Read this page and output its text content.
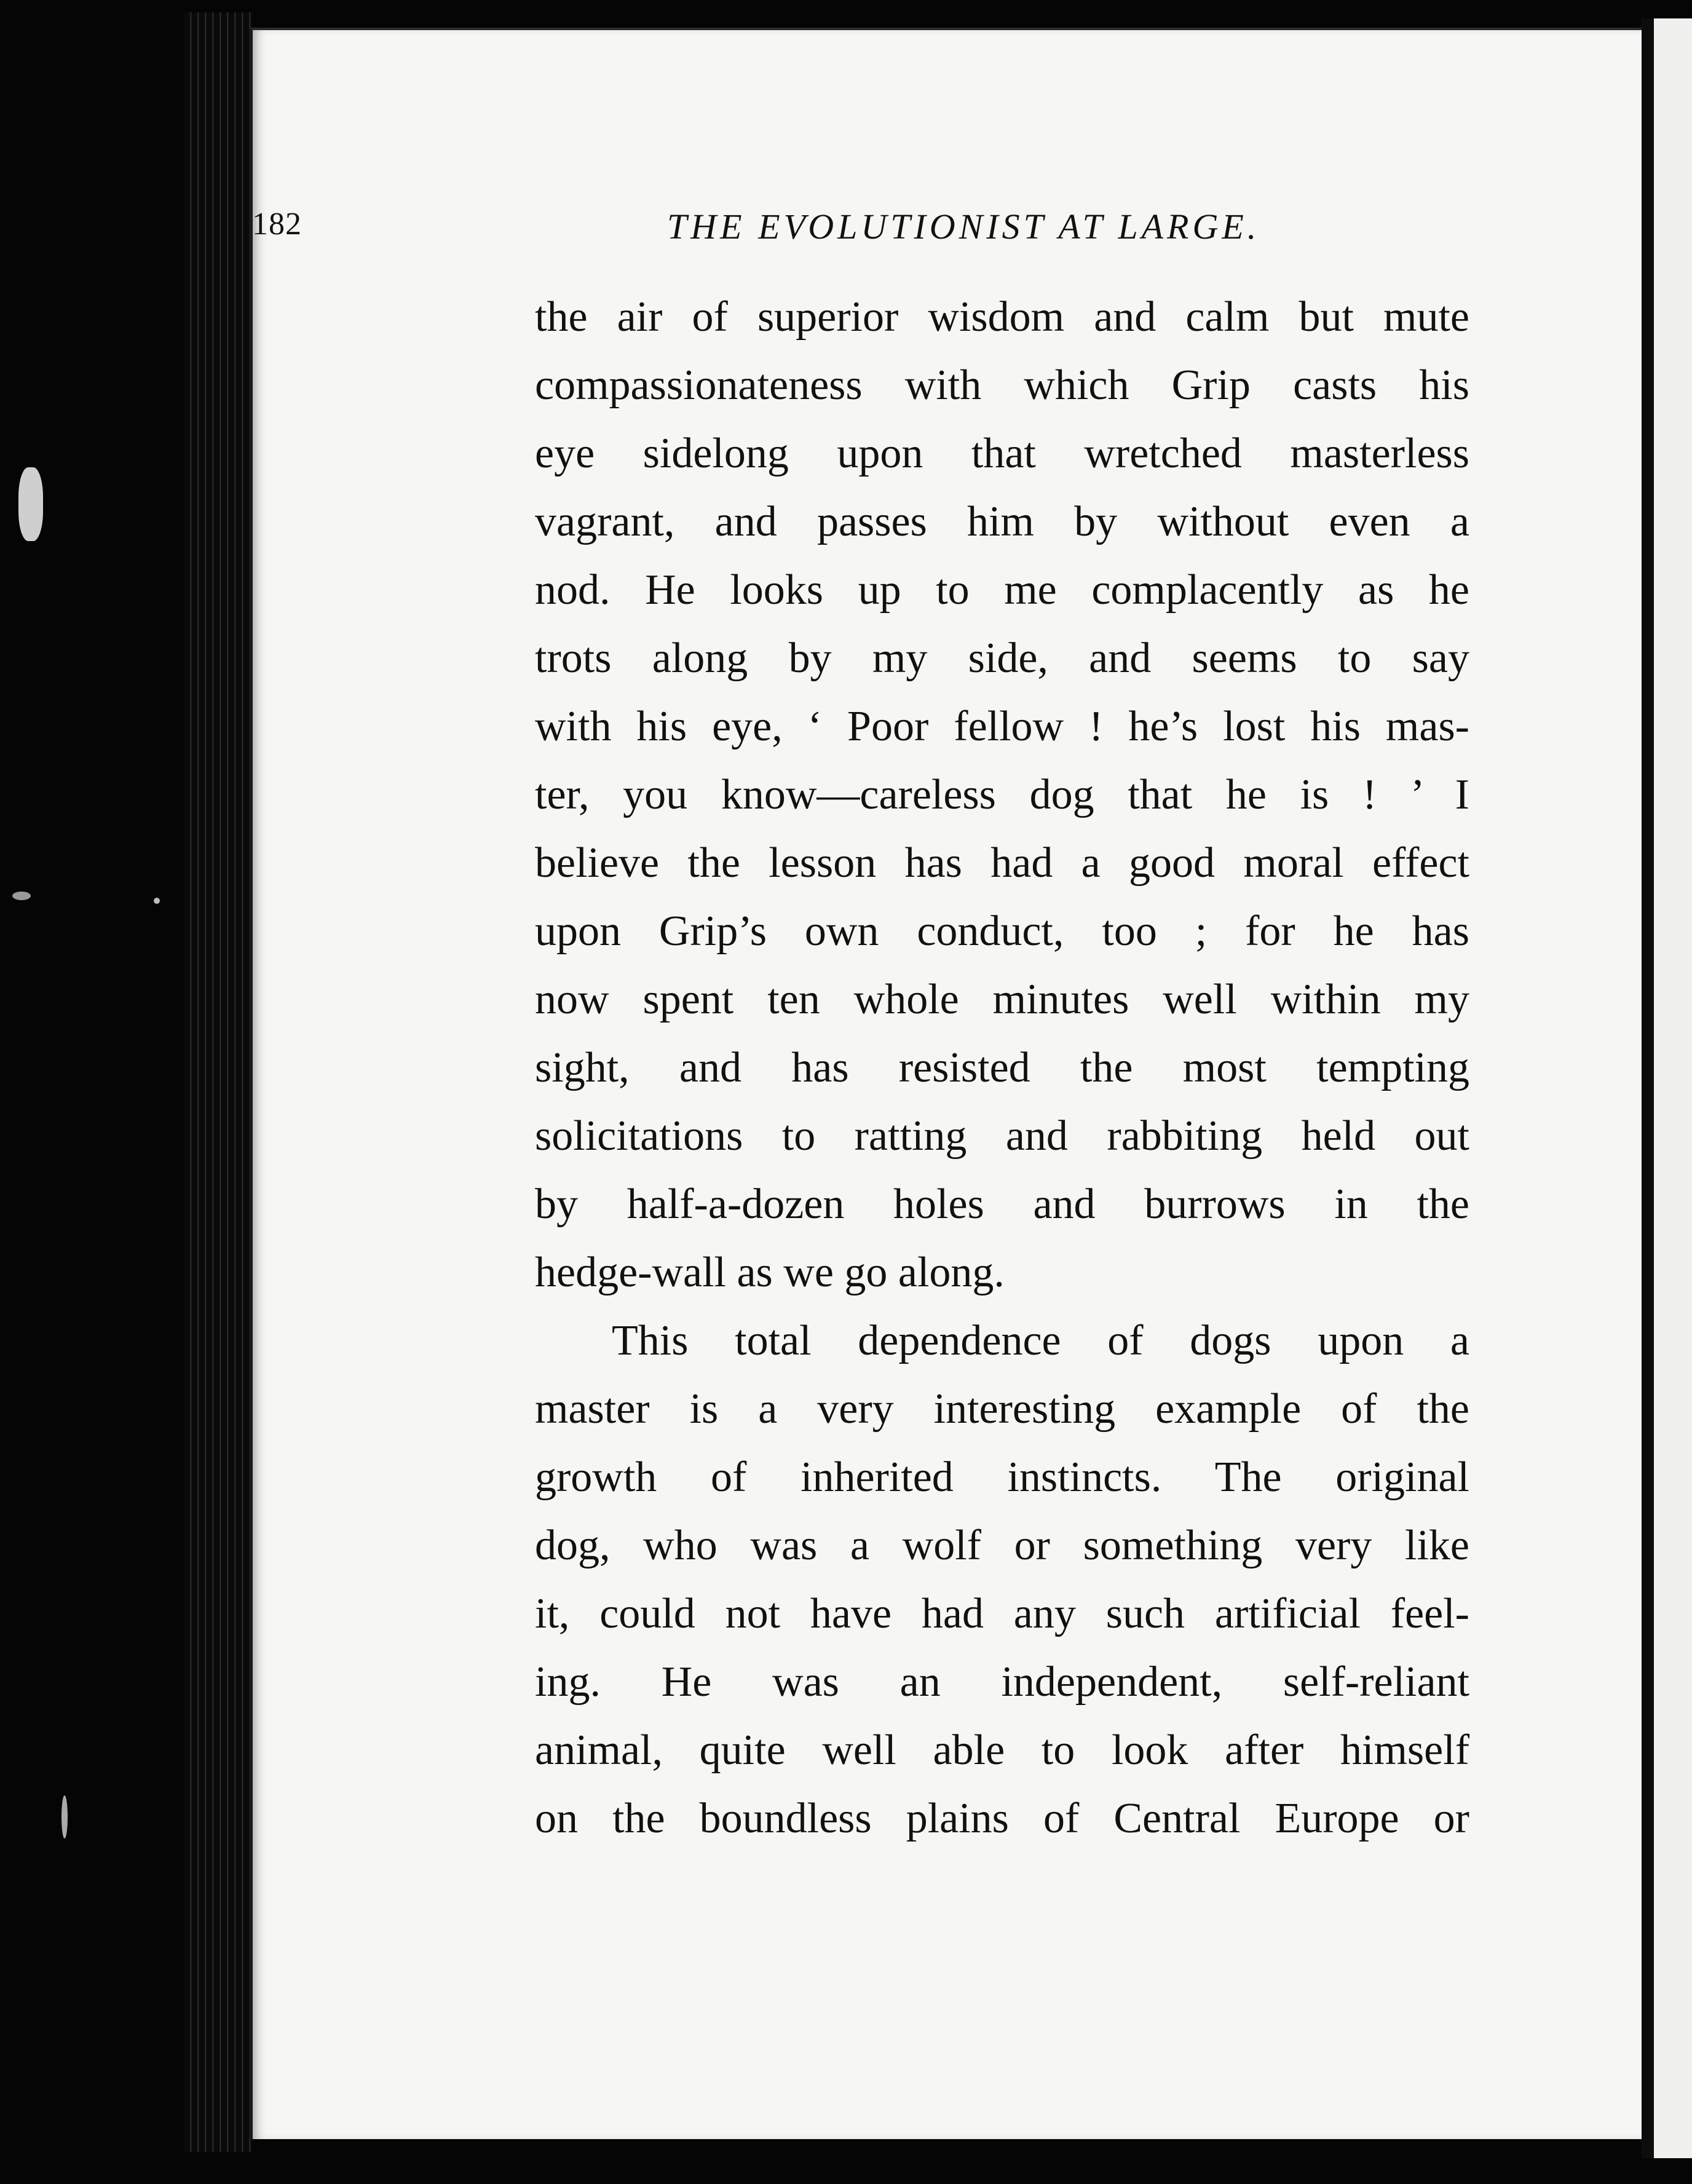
182	THE EVOLUTIONIST AT LARGE.
the air of superior wisdom and calm but mute
compassionateness with which Grip casts his
eye sidelong upon that wretched masterless
vagrant, and passes him by without even a
nod. He looks up to me complacently as he
trots along by my side, and seems to say
with his eye, ‘ Poor fellow ! he’s lost his mas-
ter, you know—careless dog that he is ! ’ I
believe the lesson has had a good moral effect
upon Grip’s own conduct, too ; for he has
now spent ten whole minutes well within my
sight, and has resisted the most tempting
solicitations to ratting and rabbiting held out
by half-a-dozen holes and burrows in the
hedge-wall as we go along.
This total dependence of dogs upon a
master is a very interesting example of the
growth of inherited instincts. The original
dog, who was a wolf or something very like
it, could not have had any such artificial feel-
ing. He was an independent, self-reliant
animal, quite well able to look after himself
on the boundless plains of Central Europe or
